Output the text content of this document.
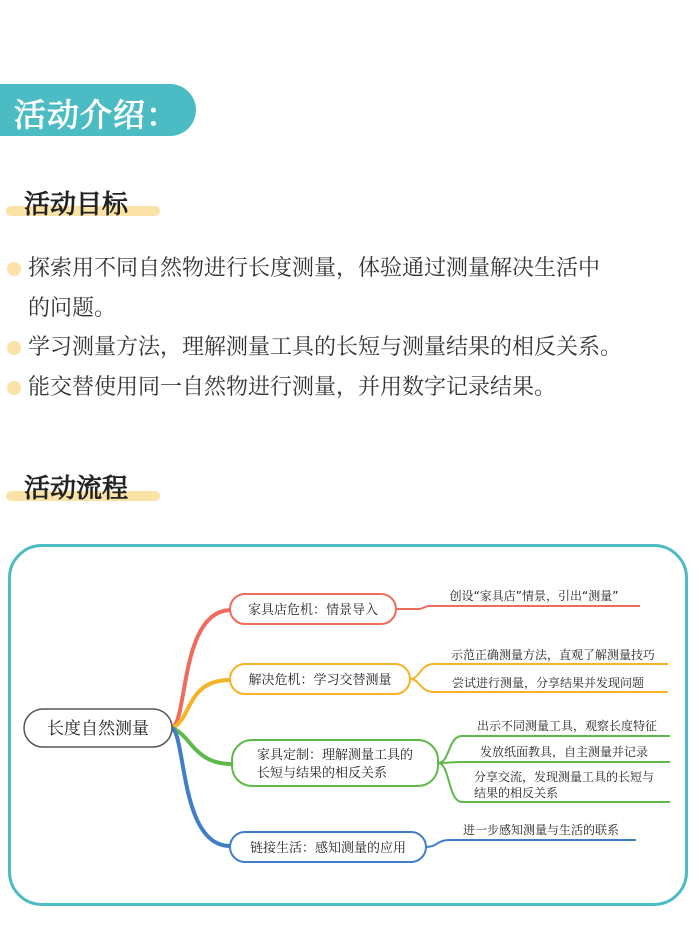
活动介绍：
活动目标
探索用不同自然物进行长度测量，体验通过测量解决生活中
的问题。
学习测量方法，理解测量工具的长短与测量结果的相反关系。
能交替使用同一自然物进行测量，并用数字记录结果。
活动流程
长度自然测量
家具店危机：情景导入
创设“家具店”情景，引出“测量”
解决危机：学习交替测量
示范正确测量方法，直观了解测量技巧
尝试进行测量，分享结果并发现问题
家具定制：理解测量工具的
长短与结果的相反关系
出示不同测量工具，观察长度特征
发放纸面教具，自主测量并记录
分享交流，发现测量工具的长短与
结果的相反关系
链接生活：感知测量的应用
进一步感知测量与生活的联系
